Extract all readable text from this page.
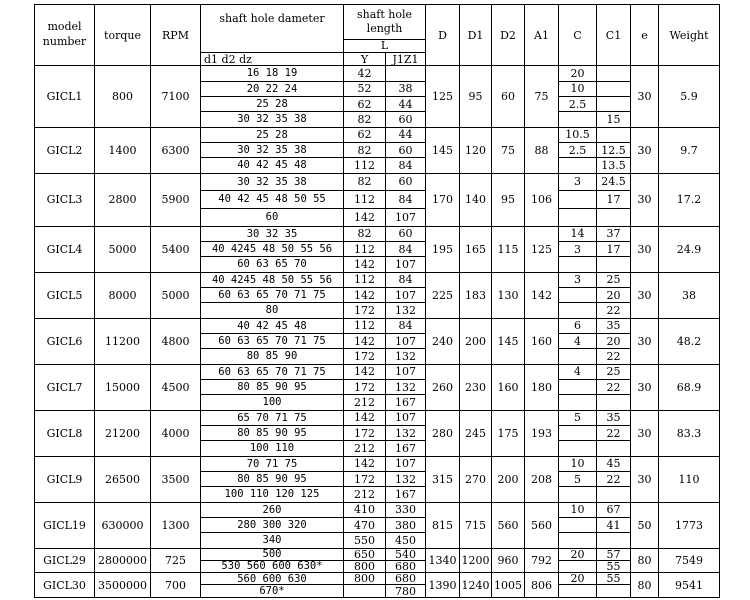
model
number	torque	RPM	shaft hole dameter	shaft hole length		D	D1	D2	A1	C	C1	e	Weight
				L									
			d1 d2 dz	Y	J1Z1								
GICL1	800	7100	16 18 19	42		125	95	60	75	20		30	5.9
			20 22 24	52	38					10			
			25 28	62	44					2.5			
			30 32 35 38	82	60						15		
GICL2	1400	6300	25 28	62	44	145	120	75	88	10.5		30	9.7
			30 32 35 38	82	60					2.5	12.5		
			40 42 45 48	112	84						13.5		
GICL3	2800	5900	30 32 35 38	82	60	170	140	95	106	3	24.5	30	17.2
			40 42 45 48 50 55	112	84						17		
			60	142	107								
GICL4	5000	5400	30 32 35	82	60	195	165	115	125	14	37	30	24.9
			40 4245 48 50 55 56	112	84					3	17		
			60 63 65 70	142	107								
GICL5	8000	5000	40 4245 48 50 55 56	112	84	225	183	130	142	3	25	30	38
			60 63 65 70 71 75	142	107						20		
			80	172	132						22		
GICL6	11200	4800	40 42 45 48	112	84	240	200	145	160	6	35	30	48.2
			60 63 65 70 71 75	142	107					4	20		
			80 85 90	172	132						22		
GICL7	15000	4500	60 63 65 70 71 75	142	107	260	230	160	180	4	25	30	68.9
			80 85 90 95	172	132						22		
			100	212	167								
GICL8	21200	4000	65 70 71 75	142	107	280	245	175	193	5	35	30	83.3
			80 85 90 95	172	132						22		
			100 110	212	167								
GICL9	26500	3500	70 71 75	142	107	315	270	200	208	10	45	30	110
			80 85 90 95	172	132					5	22		
			100 110 120 125	212	167								
GICL19	630000	1300	260	410	330	815	715	560	560	10	67	50	1773
			280 300 320	470	380						41		
			340	550	450								
GICL29	2800000	725	500	650	540	1340	1200	960	792	20	57	80	7549
			530 560 600 630*	800	680						55		
GICL30	3500000	700	560 600 630	800	680	1390	1240	1005	806	20	55	80	9541
			670*		780								
